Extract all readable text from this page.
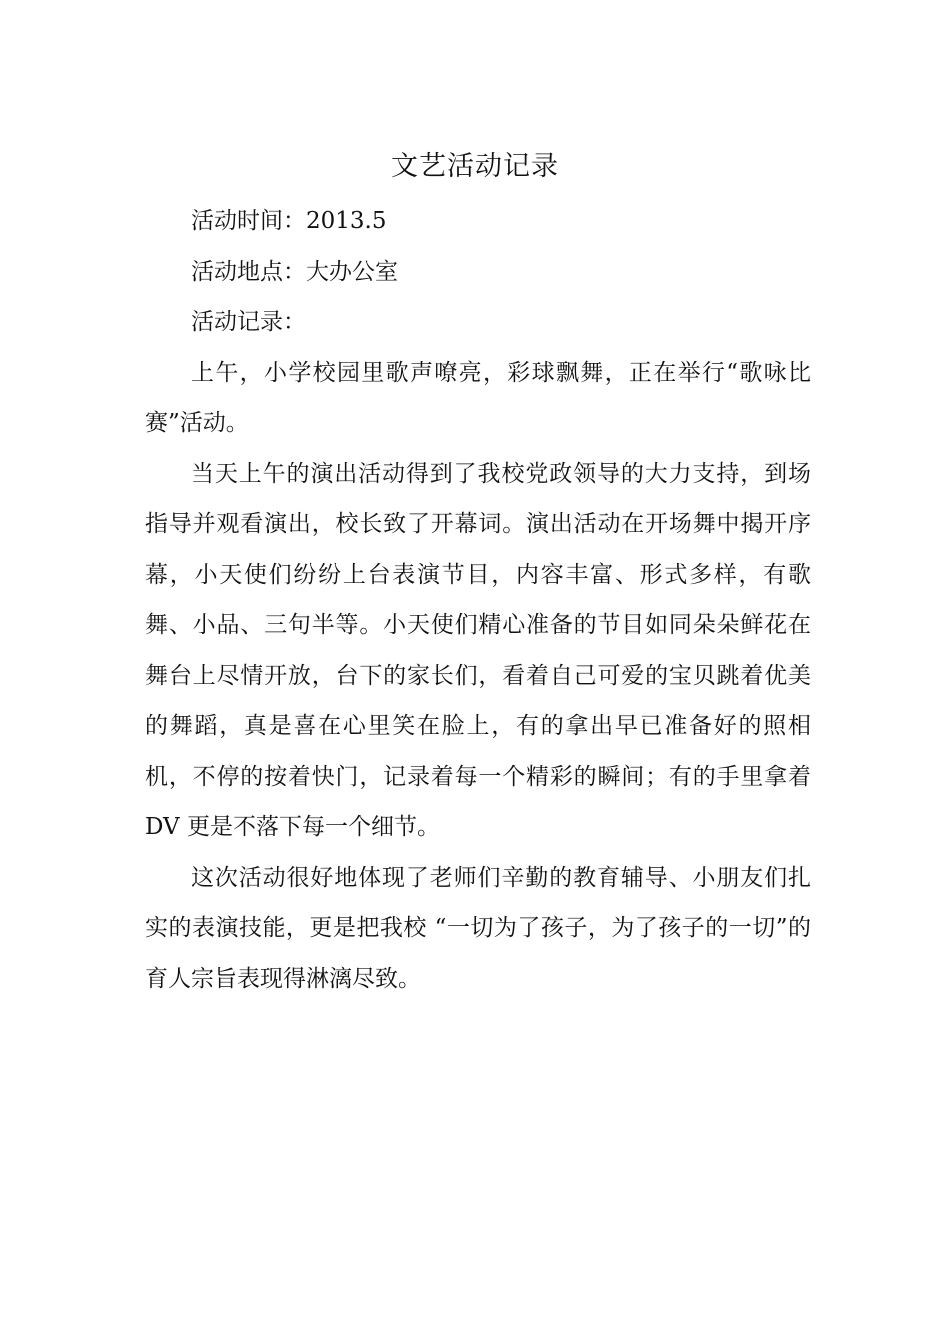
文艺活动记录

活动时间：2013.5

活动地点：大办公室

活动记录：

上午，小学校园里歌声嘹亮，彩球飘舞，正在举行“歌咏比赛”活动。

当天上午的演出活动得到了我校党政领导的大力支持，到场指导并观看演出，校长致了开幕词。演出活动在开场舞中揭开序幕，小天使们纷纷上台表演节目，内容丰富、形式多样，有歌舞、小品、三句半等。小天使们精心准备的节目如同朵朵鲜花在舞台上尽情开放，台下的家长们，看着自己可爱的宝贝跳着优美的舞蹈，真是喜在心里笑在脸上，有的拿出早已准备好的照相机，不停的按着快门，记录着每一个精彩的瞬间；有的手里拿着 DV 更是不落下每一个细节。

这次活动很好地体现了老师们辛勤的教育辅导、小朋友们扎实的表演技能，更是把我校 “一切为了孩子，为了孩子的一切”的育人宗旨表现得淋漓尽致。
